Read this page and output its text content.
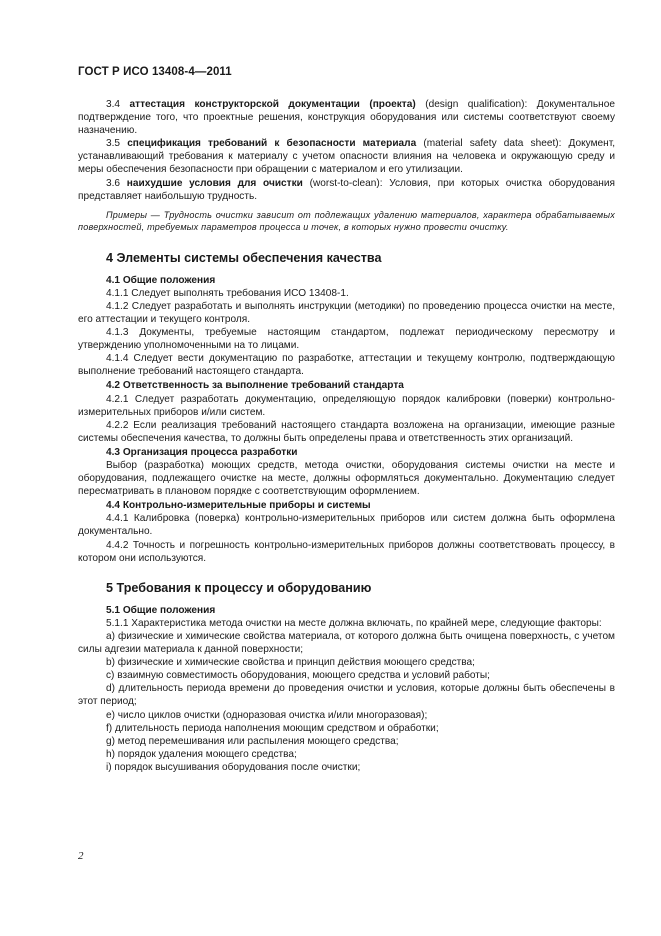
ГОСТ Р ИСО 13408-4—2011

3.4 аттестация конструкторской документации (проекта) (design qualification): Документальное подтверждение того, что проектные решения, конструкция оборудования или системы соответствуют своему назначению.

3.5 спецификация требований к безопасности материала (material safety data sheet): Документ, устанавливающий требования к материалу с учетом опасности влияния на человека и окружающую среду и меры обеспечения безопасности при обращении с материалом и его утилизации.

3.6 наихудшие условия для очистки (worst-to-clean): Условия, при которых очистка оборудования представляет наибольшую трудность.

Примеры — Трудность очистки зависит от подлежащих удалению материалов, характера обрабатываемых поверхностей, требуемых параметров процесса и точек, в которых нужно провести очистку.

4 Элементы системы обеспечения качества

4.1 Общие положения

4.1.1 Следует выполнять требования ИСО 13408-1.

4.1.2 Следует разработать и выполнять инструкции (методики) по проведению процесса очистки на месте, его аттестации и текущего контроля.

4.1.3 Документы, требуемые настоящим стандартом, подлежат периодическому пересмотру и утверждению уполномоченными на то лицами.

4.1.4 Следует вести документацию по разработке, аттестации и текущему контролю, подтверждающую выполнение требований настоящего стандарта.

4.2 Ответственность за выполнение требований стандарта

4.2.1 Следует разработать документацию, определяющую порядок калибровки (поверки) контрольно-измерительных приборов и/или систем.

4.2.2 Если реализация требований настоящего стандарта возложена на организации, имеющие разные системы обеспечения качества, то должны быть определены права и ответственность этих организаций.

4.3 Организация процесса разработки

Выбор (разработка) моющих средств, метода очистки, оборудования системы очистки на месте и оборудования, подлежащего очистке на месте, должны оформляться документально. Документацию следует пересматривать в плановом порядке с соответствующим оформлением.

4.4 Контрольно-измерительные приборы и системы

4.4.1 Калибровка (поверка) контрольно-измерительных приборов или систем должна быть оформлена документально.

4.4.2 Точность и погрешность контрольно-измерительных приборов должны соответствовать процессу, в котором они используются.

5 Требования к процессу и оборудованию

5.1 Общие положения

5.1.1 Характеристика метода очистки на месте должна включать, по крайней мере, следующие факторы:

a) физические и химические свойства материала, от которого должна быть очищена поверхность, с учетом силы адгезии материала к данной поверхности;

b) физические и химические свойства и принцип действия моющего средства;

c) взаимную совместимость оборудования, моющего средства и условий работы;

d) длительность периода времени до проведения очистки и условия, которые должны быть обеспечены в этот период;

e) число циклов очистки (одноразовая очистка и/или многоразовая);

f) длительность периода наполнения моющим средством и обработки;

g) метод перемешивания или распыления моющего средства;

h) порядок удаления моющего средства;

i) порядок высушивания оборудования после очистки;

2
